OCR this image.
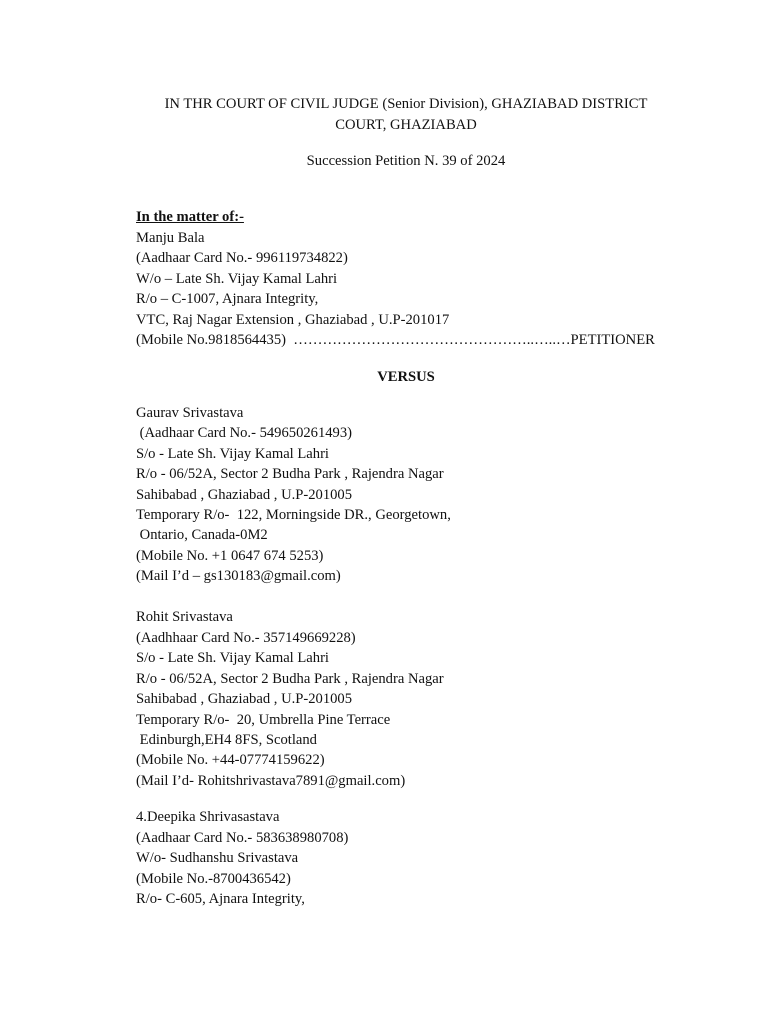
IN THR COURT OF CIVIL JUDGE (Senior Division), GHAZIABAD DISTRICT
COURT, GHAZIABAD
Succession Petition N. 39 of 2024
In the matter of:-
Manju Bala
(Aadhaar Card No.- 996119734822)
W/o – Late Sh. Vijay Kamal Lahri
R/o – C-1007, Ajnara Integrity,
VTC, Raj Nagar Extension , Ghaziabad , U.P-201017
(Mobile No.9818564435)  …………………………………………..…..…PETITIONER
VERSUS
Gaurav Srivastava
(Aadhaar Card No.- 549650261493)
S/o - Late Sh. Vijay Kamal Lahri
R/o - 06/52A, Sector 2 Budha Park , Rajendra Nagar
Sahibabad , Ghaziabad , U.P-201005
Temporary R/o-  122, Morningside DR., Georgetown,
Ontario, Canada-0M2
(Mobile No. +1 0647 674 5253)
(Mail I’d – gs130183@gmail.com)
Rohit Srivastava
(Aadhhaar Card No.- 357149669228)
S/o - Late Sh. Vijay Kamal Lahri
R/o - 06/52A, Sector 2 Budha Park , Rajendra Nagar
Sahibabad , Ghaziabad , U.P-201005
Temporary R/o-  20, Umbrella Pine Terrace
Edinburgh,EH4 8FS, Scotland
(Mobile No. +44-07774159622)
(Mail I’d- Rohitshrivastava7891@gmail.com)
4.Deepika Shrivasastava
(Aadhaar Card No.- 583638980708)
W/o- Sudhanshu Srivastava
(Mobile No.-8700436542)
R/o- C-605, Ajnara Integrity,
